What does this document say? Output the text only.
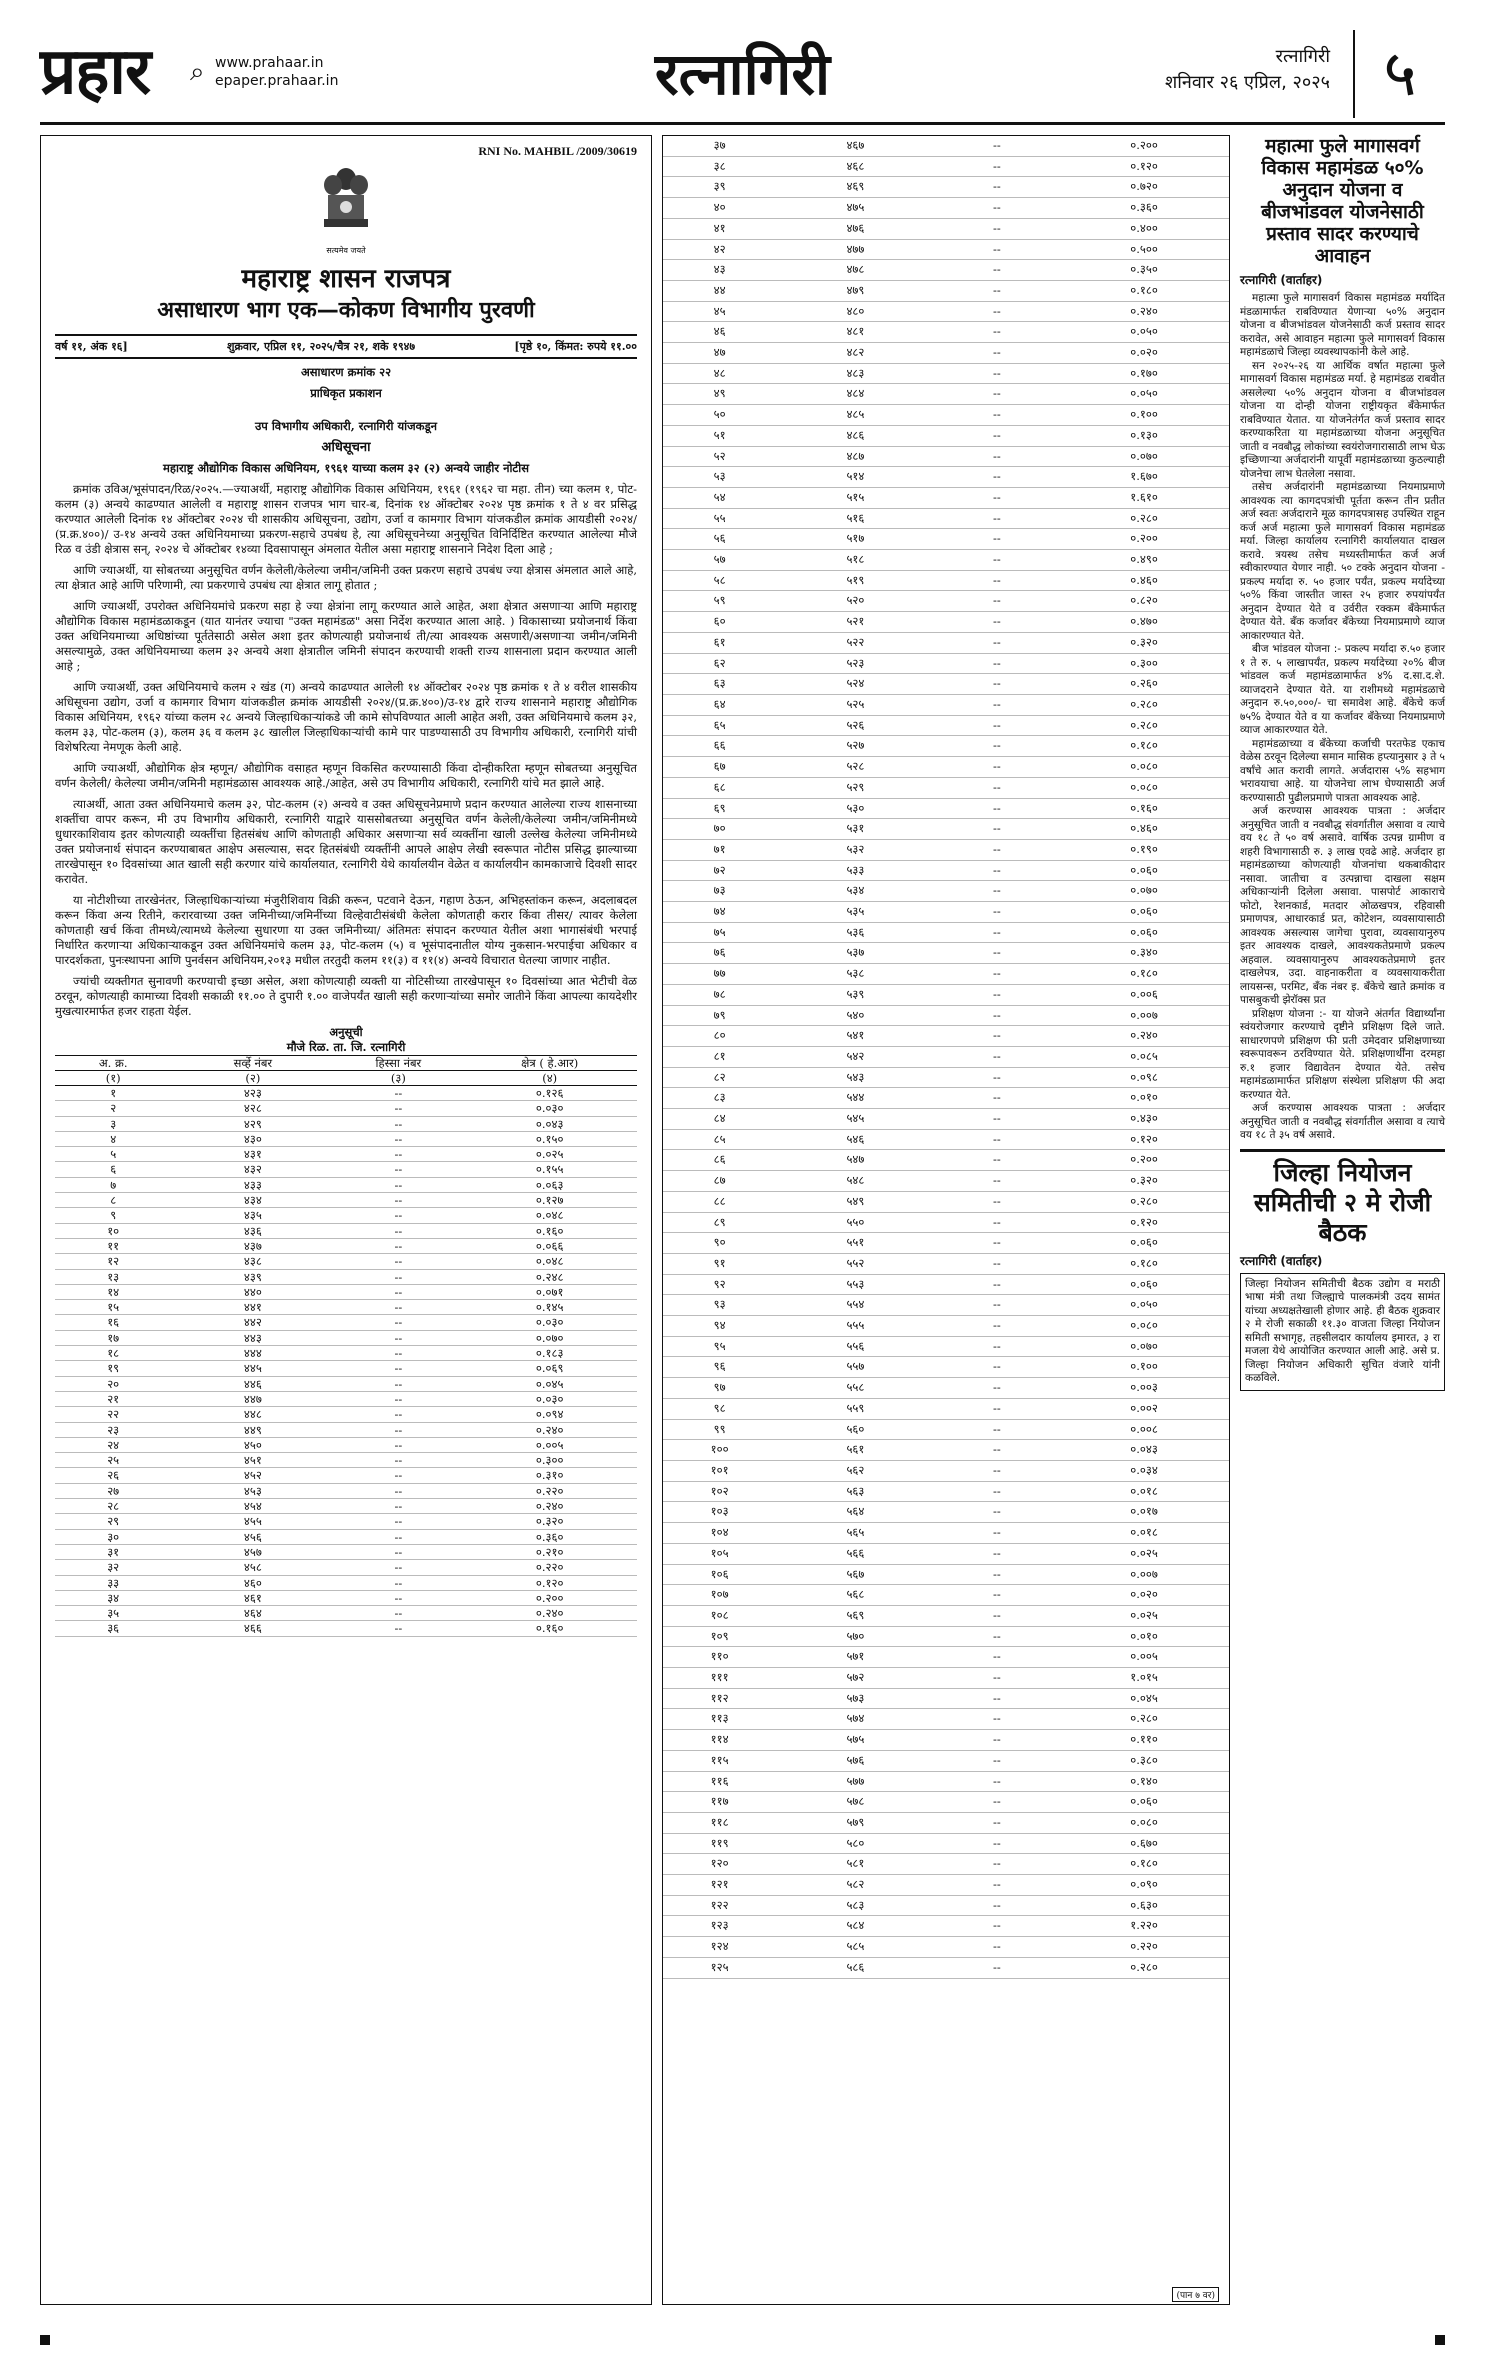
प्रहार ⌕ www.prahaar.in
epaper.prahaar.in	रत्नागिरी	रत्नागिरी
शनिवार २६ एप्रिल, २०२५ ५
RNI No. MAHBIL /2009/30619
सत्यमेव जयते
महाराष्ट्र शासन राजपत्र
असाधारण भाग एक—कोकण विभागीय पुरवणी
वर्ष ११, अंक १६]	शुक्रवार, एप्रिल ११, २०२५/चैत्र २१, शके १९४७	[पृष्ठे १०, किंमत: रुपये ११.००
असाधारण क्रमांक २२
प्राधिकृत प्रकाशन
उप विभागीय अधिकारी, रत्नागिरी यांजकडून
अधिसूचना
महाराष्ट्र औद्योगिक विकास अधिनियम, १९६१ याच्या कलम ३२ (२) अन्वये जाहीर नोटीस

क्रमांक उविअ/भूसंपादन/रिळ/२०२५.—ज्याअर्थी, महाराष्ट्र औद्योगिक विकास अधिनियम, १९६१ (१९६२ चा महा. तीन) च्या कलम १, पोट-कलम (३) अन्वये काढण्यात आलेली व महाराष्ट्र शासन राजपत्र भाग चार-ब, दिनांक १४ ऑक्टोबर २०२४ पृष्ठ क्रमांक १ ते ४ वर प्रसिद्ध करण्यात आलेली दिनांक १४ ऑक्टोबर २०२४ ची शासकीय अधिसूचना, उद्योग, उर्जा व कामगार विभाग यांजकडील क्रमांक आयडीसी २०२४/ (प्र.क्र.४००)/ उ-१४ अन्वये उक्त अधिनियमाच्या प्रकरण-सहाचे उपबंध हे, त्या अधिसूचनेच्या अनुसूचित विनिर्दिष्टित करण्यात आलेल्या मौजे रिळ व उंडी क्षेत्रास सन्, २०२४ चे ऑक्टोबर १४व्या दिवसापासून अंमलात येतील असा महाराष्ट्र शासनाने निदेश दिला आहे ;

आणि ज्याअर्थी, या सोबतच्या अनुसूचित वर्णन केलेली/केलेल्या जमीन/जमिनी उक्त प्रकरण सहाचे उपबंध ज्या क्षेत्रास अंमलात आले आहे, त्या क्षेत्रात आहे आणि परिणामी, त्या प्रकरणाचे उपबंध त्या क्षेत्रात लागू होतात ;

आणि ज्याअर्थी, उपरोक्त अधिनियमांचे प्रकरण सहा हे ज्या क्षेत्रांना लागू करण्यात आले आहेत, अशा क्षेत्रात असणाऱ्या आणि महाराष्ट्र औद्योगिक विकास महामंडळाकडून (यात यानंतर ज्याचा "उक्त महामंडळ" असा निर्देश करण्यात आला आहे. ) विकासाच्या प्रयोजनार्थ किंवा उक्त अधिनियमाच्या अधिष्ठांच्या पूर्ततेसाठी असेल अशा इतर कोणत्याही प्रयोजनार्थ ती/त्या आवश्यक असणारी/असणाऱ्या जमीन/जमिनी असल्यामुळे, उक्त अधिनियमाच्या कलम ३२ अन्वये अशा क्षेत्रातील जमिनी संपादन करण्याची शक्ती राज्य शासनाला प्रदान करण्यात आली आहे ;

आणि ज्याअर्थी, उक्त अधिनियमाचे कलम २ खंड (ग) अन्वये काढण्यात आलेली १४ ऑक्टोबर २०२४ पृष्ठ क्रमांक १ ते ४ वरील शासकीय अधिसूचना उद्योग, उर्जा व कामगार विभाग यांजकडील क्रमांक आयडीसी २०२४/(प्र.क्र.४००)/उ-१४ द्वारे राज्य शासनाने महाराष्ट्र औद्योगिक विकास अधिनियम, १९६२ यांच्या कलम २८ अन्वये जिल्हाधिकाऱ्यांकडे जी कामे सोपविण्यात आली आहेत अशी, उक्त अधिनियमाचे कलम ३२, कलम ३३, पोट-कलम (३), कलम ३६ व कलम ३८ खालील जिल्हाधिकाऱ्यांची कामे पार पाडण्यासाठी उप विभागीय अधिकारी, रत्नागिरी यांची विशेषरित्या नेमणूक केली आहे.

आणि ज्याअर्थी, औद्योगिक क्षेत्र म्हणून/ औद्योगिक वसाहत म्हणून विकसित करण्यासाठी किंवा दोन्हीकरिता म्हणून सोबतच्या अनुसूचित वर्णन केलेली/ केलेल्या जमीन/जमिनी महामंडळास आवश्यक आहे./आहेत, असे उप विभागीय अधिकारी, रत्नागिरी यांचे मत झाले आहे.

त्याअर्थी, आता उक्त अधिनियमाचे कलम ३२, पोट-कलम (२) अन्वये व उक्त अधिसूचनेप्रमाणे प्रदान करण्यात आलेल्या राज्य शासनाच्या शक्तींचा वापर करून, मी उप विभागीय अधिकारी, रत्नागिरी याद्वारे याससोबतच्या अनुसूचित वर्णन केलेली/केलेल्या जमीन/जमिनीमध्ये धुधारकाशिवाय इतर कोणत्याही व्यक्तींचा हितसंबंध आणि कोणताही अधिकार असणाऱ्या सर्व व्यक्तींना खाली उल्लेख केलेल्या जमिनीमध्ये उक्त प्रयोजनार्थ संपादन करण्याबाबत आक्षेप असल्यास, सदर हितसंबंधी व्यक्तींनी आपले आक्षेप लेखी स्वरूपात नोटीस प्रसिद्ध झाल्याच्या तारखेपासून १० दिवसांच्या आत खाली सही करणार यांचे कार्यालयात, रत्नागिरी येथे कार्यालयीन वेळेत व कार्यालयीन कामकाजाचे दिवशी सादर करावेत.

या नोटीशीच्या तारखेनंतर, जिल्हाधिकाऱ्यांच्या मंजुरीशिवाय विक्री करून, पटवाने देऊन, गहाण ठेऊन, अभिहस्तांकन करून, अदलाबदल करून किंवा अन्य रितीने, करारवाच्या उक्त जमिनीच्या/जमिनींच्या विल्हेवाटीसंबंधी केलेला कोणताही करार किंवा तीसर/ त्यावर केलेला कोणताही खर्च किंवा तीमध्ये/त्यामध्ये केलेल्या सुधारणा या उक्त जमिनीच्या/ अंतिमतः संपादन करण्यात येतील अशा भागासंबंधी भरपाई निर्धारित करणाऱ्या अधिकाऱ्याकडून उक्त अधिनियमांचे कलम ३३, पोट-कलम (५) व भूसंपादनातील योग्य नुकसान-भरपाईचा अधिकार व पारदर्शकता, पुनःस्थापना आणि पुनर्वसन अधिनियम,२०१३ मधील तरतुदी कलम ११(३) व ११(४) अन्वये विचारात घेतल्या जाणार नाहीत.

ज्यांची व्यक्तीगत सुनावणी करण्याची इच्छा असेल, अशा कोणत्याही व्यक्ती या नोटिसीच्या तारखेपासून १० दिवसांच्या आत भेटीची वेळ ठरवून, कोणत्याही कामाच्या दिवशी सकाळी ११.०० ते दुपारी १.०० वाजेपर्यंत खाली सही करणाऱ्यांच्या समोर जातीने किंवा आपल्या कायदेशीर मुखत्यारमार्फत हजर राहता येईल.

अनुसूची
मौजे रिळ. ता. जि. रत्नागिरी
अ. क्र.	सर्व्हे नंबर	हिस्सा नंबर	क्षेत्र ( हे.आर)
(१)	(२)	(३)	(४)
१	४२३	--	०.१२६
२	४२८	--	०.०३०
३	४२९	--	०.०४३
४	४३०	--	०.१५०
५	४३१	--	०.०२५
६	४३२	--	०.१५५
७	४३३	--	०.०६३
८	४३४	--	०.१२७
९	४३५	--	०.०४८
१०	४३६	--	०.१६०
११	४३७	--	०.०६६
१२	४३८	--	०.०४८
१३	४३९	--	०.२४८
१४	४४०	--	०.०७१
१५	४४१	--	०.१४५
१६	४४२	--	०.०३०
१७	४४३	--	०.०७०
१८	४४४	--	०.१८३
१९	४४५	--	०.०६९
२०	४४६	--	०.०४५
२१	४४७	--	०.०३०
२२	४४८	--	०.०९४
२३	४४९	--	०.२४०
२४	४५०	--	०.००५
२५	४५१	--	०.३००
२६	४५२	--	०.३१०
२७	४५३	--	०.२२०
२८	४५४	--	०.२४०
२९	४५५	--	०.३२०
३०	४५६	--	०.३६०
३१	४५७	--	०.२१०
३२	४५८	--	०.२२०
३३	४६०	--	०.१२०
३४	४६१	--	०.२००
३५	४६४	--	०.२४०
३६	४६६	--	०.१६०
३७	४६७	--	०.२००
३८	४६८	--	०.१२०
३९	४६९	--	०.७२०
४०	४७५	--	०.३६०
४१	४७६	--	०.४००
४२	४७७	--	०.५००
४३	४७८	--	०.३५०
४४	४७९	--	०.१८०
४५	४८०	--	०.२४०
४६	४८१	--	०.०५०
४७	४८२	--	०.०२०
४८	४८३	--	०.१७०
४९	४८४	--	०.०५०
५०	४८५	--	०.१००
५१	४८६	--	०.१३०
५२	४८७	--	०.०७०
५३	५१४	--	१.६७०
५४	५१५	--	१.६१०
५५	५१६	--	०.२८०
५६	५१७	--	०.२००
५७	५१८	--	०.४९०
५८	५१९	--	०.४६०
५९	५२०	--	०.८२०
६०	५२१	--	०.४७०
६१	५२२	--	०.३२०
६२	५२३	--	०.३००
६३	५२४	--	०.२६०
६४	५२५	--	०.२८०
६५	५२६	--	०.२८०
६६	५२७	--	०.१८०
६७	५२८	--	०.०८०
६८	५२९	--	०.०८०
६९	५३०	--	०.१६०
७०	५३१	--	०.४६०
७१	५३२	--	०.१९०
७२	५३३	--	०.०६०
७३	५३४	--	०.०७०
७४	५३५	--	०.०६०
७५	५३६	--	०.०६०
७६	५३७	--	०.३४०
७७	५३८	--	०.१८०
७८	५३९	--	०.००६
७९	५४०	--	०.००७
८०	५४१	--	०.२४०
८१	५४२	--	०.०८५
८२	५४३	--	०.०९८
८३	५४४	--	०.०१०
८४	५४५	--	०.४३०
८५	५४६	--	०.१२०
८६	५४७	--	०.२००
८७	५४८	--	०.३२०
८८	५४९	--	०.२८०
८९	५५०	--	०.१२०
९०	५५१	--	०.०६०
९१	५५२	--	०.१८०
९२	५५३	--	०.०६०
९३	५५४	--	०.०५०
९४	५५५	--	०.०८०
९५	५५६	--	०.०७०
९६	५५७	--	०.१००
९७	५५८	--	०.००३
९८	५५९	--	०.००२
९९	५६०	--	०.००८
१००	५६१	--	०.०४३
१०१	५६२	--	०.०३४
१०२	५६३	--	०.०१८
१०३	५६४	--	०.०१७
१०४	५६५	--	०.०१८
१०५	५६६	--	०.०२५
१०६	५६७	--	०.००७
१०७	५६८	--	०.०२०
१०८	५६९	--	०.०२५
१०९	५७०	--	०.०१०
११०	५७१	--	०.००५
१११	५७२	--	१.०१५
११२	५७३	--	०.०४५
११३	५७४	--	०.२८०
११४	५७५	--	०.११०
११५	५७६	--	०.३८०
११६	५७७	--	०.१४०
११७	५७८	--	०.०६०
११८	५७९	--	०.०८०
११९	५८०	--	०.६७०
१२०	५८१	--	०.१८०
१२१	५८२	--	०.०९०
१२२	५८३	--	०.६३०
१२३	५८४	--	१.२२०
१२४	५८५	--	०.२२०
१२५	५८६	--	०.२८०
(पान ७ वर)
महात्मा फुले मागासवर्ग विकास महामंडळ ५०% अनुदान योजना व बीजभांडवल योजनेसाठी प्रस्ताव सादर करण्याचे आवाहन
रत्नागिरी (वार्ताहर)

महात्मा फुले मागासवर्ग विकास महामंडळ मर्यादित मंडळामार्फत राबविण्यात येणाऱ्या ५०% अनुदान योजना व बीजभांडवल योजनेसाठी कर्ज प्रस्ताव सादर करावेत, असे आवाहन महात्मा फुले मागासवर्ग विकास महामंडळाचे जिल्हा व्यवस्थापकांनी केले आहे.

सन २०२५-२६ या आर्थिक वर्षात महात्मा फुले मागासवर्ग विकास महामंडळ मर्या. हे महामंडळ राबवीत असलेल्या ५०% अनुदान योजना व बीजभांडवल योजना या दोन्ही योजना राष्ट्रीयकृत बँकेमार्फत राबविण्यात येतात. या योजनेतंर्गत कर्ज प्रस्ताव सादर करण्याकरिता या महामंडळाच्या योजना अनुसूचित जाती व नवबौद्ध लोकांच्या स्वयंरोजगारासाठी लाभ घेऊ इच्छिणाऱ्या अर्जदारांनी यापूर्वी महामंडळाच्या कुठल्याही योजनेचा लाभ घेतलेला नसावा.

तसेच अर्जदारांनी महामंडळाच्या नियमाप्रमाणे आवश्यक त्या कागदपत्रांची पूर्तता करून तीन प्रतीत अर्ज स्वतः अर्जदाराने मूळ कागदपत्रासह उपस्थित राहून कर्ज अर्ज महात्मा फुले मागासवर्ग विकास महामंडळ मर्या. जिल्हा कार्यालय रत्नागिरी कार्यालयात दाखल करावे. त्रयस्थ तसेच मध्यस्तीमार्फत कर्ज अर्ज स्वीकारण्यात येणार नाही. ५० टक्के अनुदान योजना - प्रकल्प मर्यादा रु. ५० हजार पर्यंत, प्रकल्प मर्यादेच्या ५०% किंवा जास्तीत जास्त २५ हजार रुपयांपर्यंत अनुदान देण्यात येते व उर्वरीत रक्कम बँकेमार्फत देण्यात येते. बँक कर्जावर बँकेच्या नियमाप्रमाणे व्याज आकारण्यात येते.

बीज भांडवल योजना :- प्रकल्प मर्यादा रु.५० हजार १ ते रु. ५ लाखापर्यंत, प्रकल्प मर्यादेच्या २०% बीज भांडवल कर्ज महामंडळामार्फत ४% द.सा.द.शे. व्याजदराने देण्यात येते. या राशीमध्ये महामंडळाचे अनुदान रु.५०,०००/- चा समावेश आहे. बँकेचे कर्ज ७५% देण्यात येते व या कर्जावर बँकेच्या नियमाप्रमाणे व्याज आकारण्यात येते.

महामंडळाच्या व बँकेच्या कर्जाची परतफेड एकाच वेळेस ठरवून दिलेल्या समान मासिक हप्त्यानुसार ३ ते ५ वर्षांचे आत करावी लागते. अर्जदारास ५% सहभाग भरावयाचा आहे. या योजनेचा लाभ घेण्यासाठी अर्ज करण्यासाठी पुढीलप्रमाणे पात्रता आवश्यक आहे.

अर्ज करण्यास आवश्यक पात्रता : अर्जदार अनुसूचित जाती व नवबौद्ध संवर्गातील असावा व त्याचे वय १८ ते ५० वर्ष असावे. वार्षिक उत्पन्न ग्रामीण व शहरी विभागासाठी रु. ३ लाख एवढे आहे. अर्जदार हा महामंडळाच्या कोणत्याही योजनांचा थकबाकीदार नसावा. जातीचा व उत्पन्नाचा दाखला सक्षम अधिकाऱ्यांनी दिलेला असावा. पासपोर्ट आकाराचे फोटो, रेशनकार्ड, मतदार ओळखपत्र, रहिवासी प्रमाणपत्र, आधारकार्ड प्रत, कोटेशन, व्यवसायासाठी आवश्यक असल्यास जागेचा पुरावा, व्यवसायानुरुप इतर आवश्यक दाखले, आवश्यकतेप्रमाणे प्रकल्प अहवाल. व्यवसायानुरुप आवश्यकतेप्रमाणे इतर दाखलेपत्र, उदा. वाहनाकरीता व व्यवसायाकरीता लायसन्स, परमिट, बँक नंबर इ. बँकेचे खाते क्रमांक व पासबुकची झेरॉक्स प्रत

प्रशिक्षण योजना :- या योजने अंतर्गत विद्यार्थ्यांना स्वंयरोजगार करण्याचे दृष्टीने प्रशिक्षण दिले जाते. साधारणपणे प्रशिक्षण फी प्रती उमेदवार प्रशिक्षणाच्या स्वरूपावरून ठरविण्यात येते. प्रशिक्षणार्थींना दरमहा रु.१ हजार विद्यावेतन देण्यात येते. तसेच महामंडळामार्फत प्रशिक्षण संस्थेला प्रशिक्षण फी अदा करण्यात येते.

अर्ज करण्यास आवश्यक पात्रता : अर्जदार अनुसूचित जाती व नवबौद्ध संवर्गातील असावा व त्याचे वय १८ ते ३५ वर्ष असावे.

जिल्हा नियोजन समितीची २ मे रोजी बैठक
रत्नागिरी (वार्ताहर)
जिल्हा नियोजन समितीची बैठक उद्योग व मराठी भाषा मंत्री तथा जिल्ह्याचे पालकमंत्री उदय सामंत यांच्या अध्यक्षतेखाली होणार आहे. ही बैठक शुक्रवार २ मे रोजी सकाळी ११.३० वाजता जिल्हा नियोजन समिती सभागृह, तहसीलदार कार्यालय इमारत, ३ रा मजला येथे आयोजित करण्यात आली आहे. असे प्र. जिल्हा नियोजन अधिकारी सुचित वंजारे यांनी कळविले.
